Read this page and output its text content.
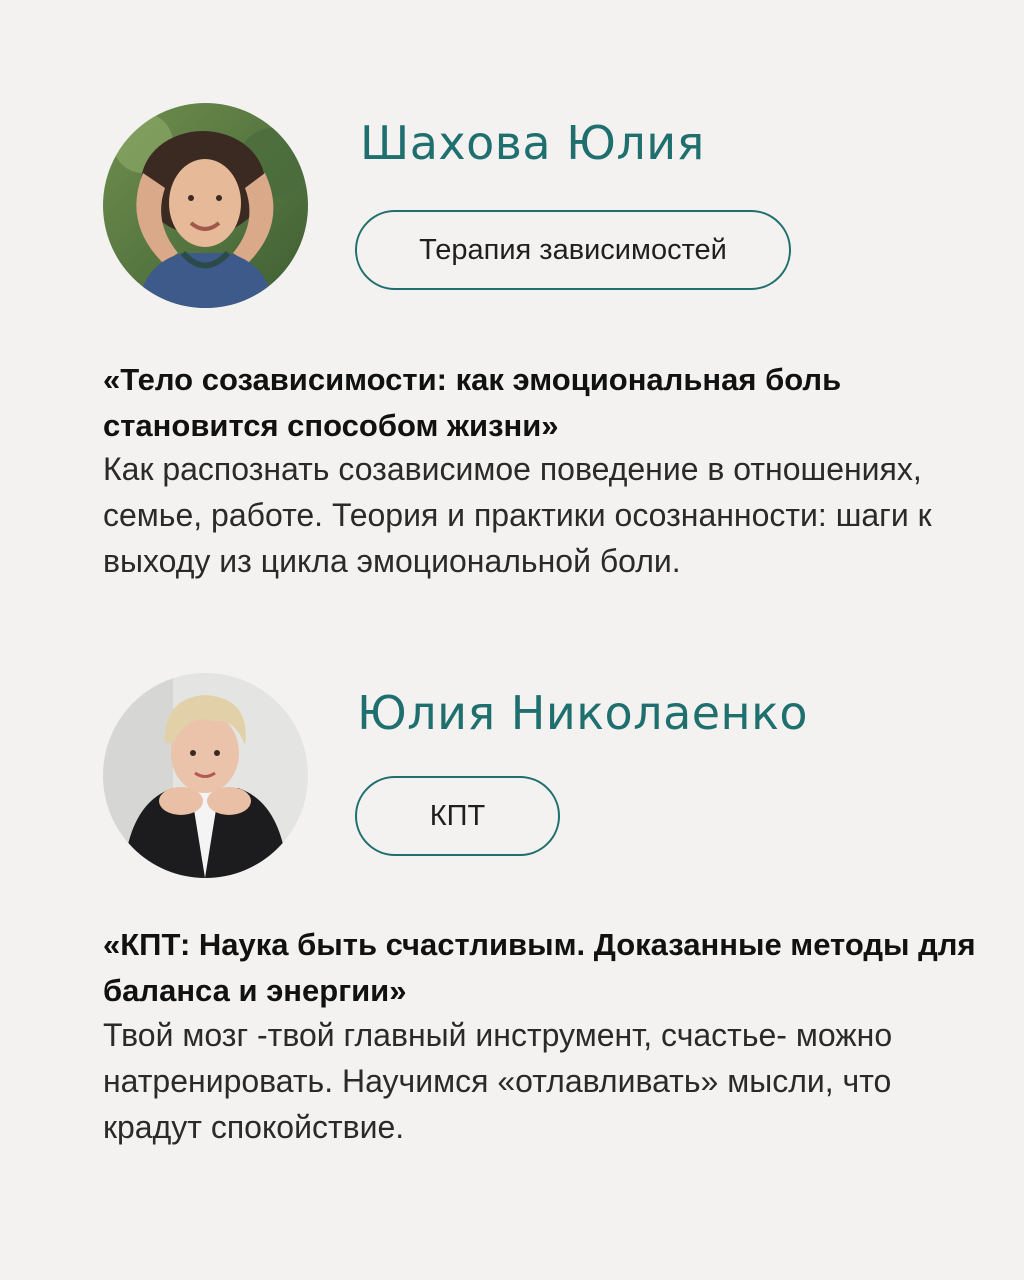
Шахова Юлия
Терапия зависимостей
«Тело созависимости: как эмоциональная боль становится способом жизни»
Как распознать созависимое поведение в отношениях, семье, работе. Теория и практики осознанности: шаги к выходу из цикла эмоциональной боли.
Юлия Николаенко
КПТ
«КПТ: Наука быть счастливым. Доказанные методы для баланса и энергии»
Твой мозг -твой главный инструмент, счастье- можно натренировать. Научимся «отлавливать» мысли, что крадут спокойствие.
